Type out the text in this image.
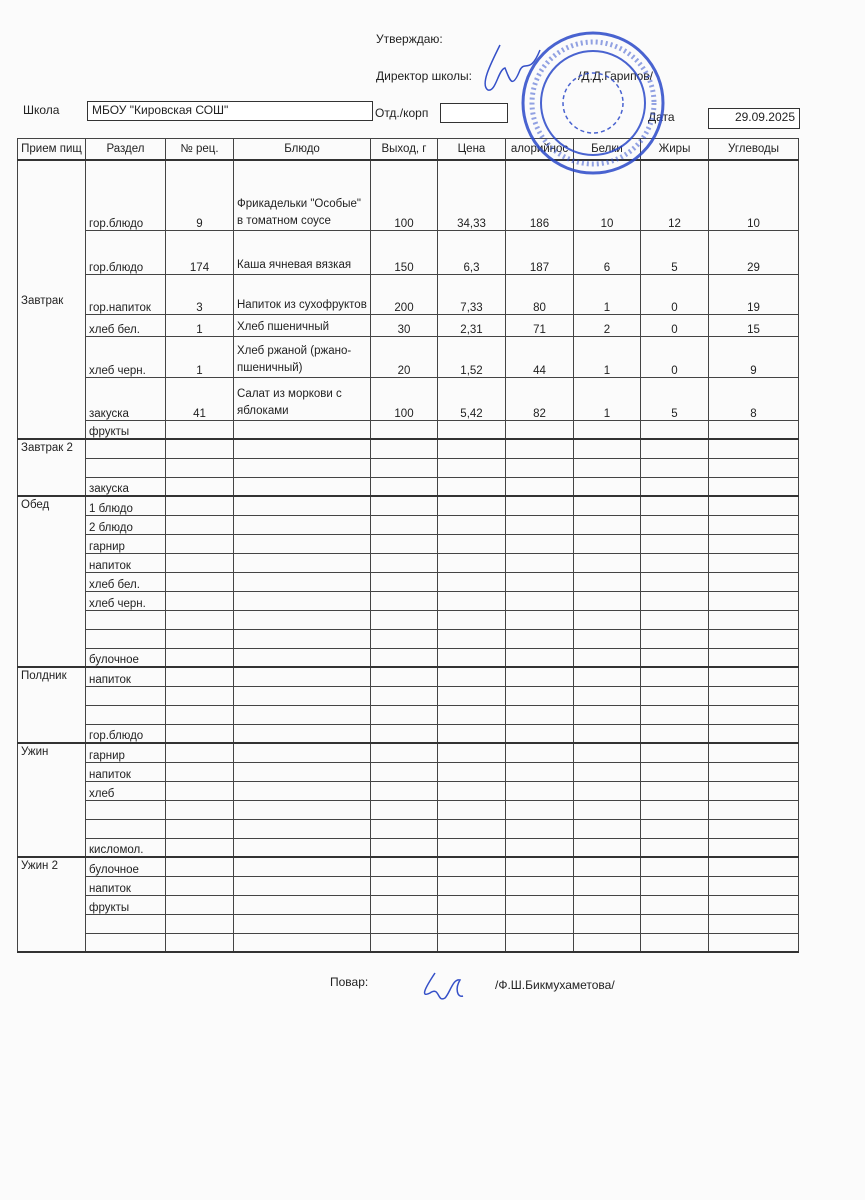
Утверждаю:
Директор школы:	/Д.Д.Гарипов/
Школа	МБОУ "Кировская СОШ"	Отд./корп	Дата	29.09.2025
Прием пищ	Раздел	№ рец.	Блюдо	Выход, г	Цена	алорийнос	Белки	Жиры	Углеводы
Завтрак	гор.блюдо	9	Фрикадельки "Особые" в томатном соусе	100	34,33	186	10	12	10
	гор.блюдо	174	Каша ячневая вязкая	150	6,3	187	6	5	29
	гор.напиток	3	Напиток из сухофруктов	200	7,33	80	1	0	19
	хлеб бел.	1	Хлеб пшеничный	30	2,31	71	2	0	15
	хлеб черн.	1	Хлеб ржаной (ржано-пшеничный)	20	1,52	44	1	0	9
	закуска	41	Салат из моркови с яблоками	100	5,42	82	1	5	8
	фрукты								
Завтрак 2									

	закуска								
Обед	1 блюдо								
	2 блюдо								
	гарнир								
	напиток								
	хлеб бел.								
	хлеб черн.								

	булочное								
Полдник	напиток								

	гор.блюдо								
Ужин	гарнир								
	напиток								
	хлеб								

	кисломол.								
Ужин 2	булочное								
	напиток								
	фрукты								

Повар:	/Ф.Ш.Бикмухаметова/
